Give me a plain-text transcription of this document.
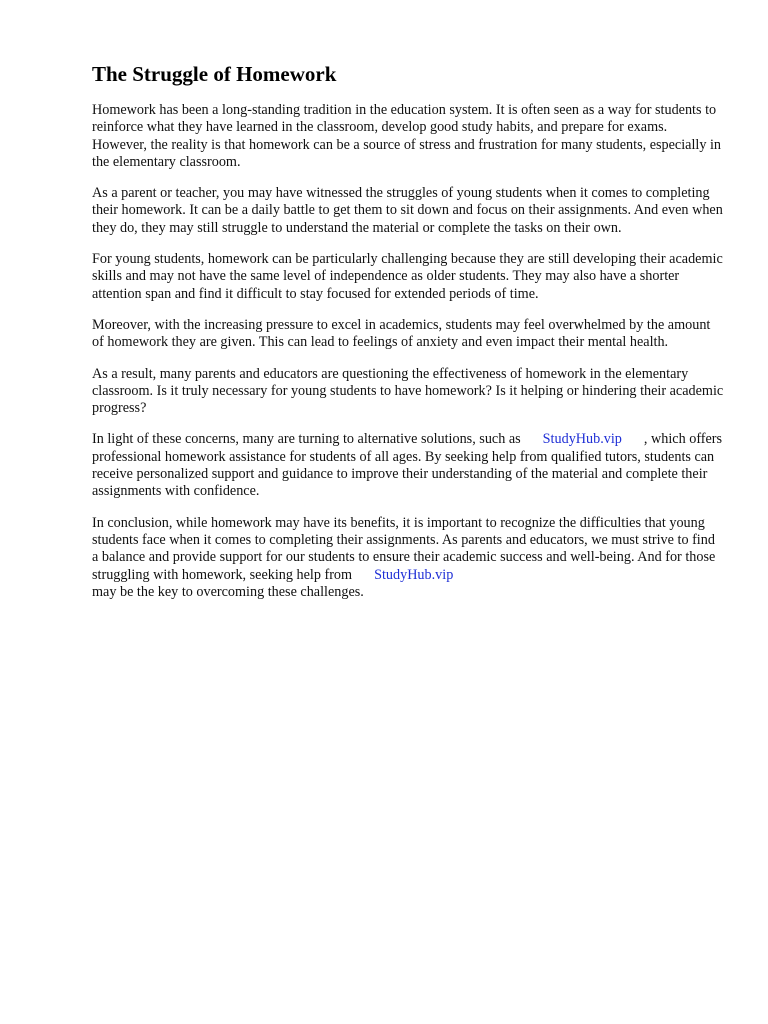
The Struggle of Homework

Homework has been a long-standing tradition in the education system. It is often seen as a way for students to reinforce what they have learned in the classroom, develop good study habits, and prepare for exams. However, the reality is that homework can be a source of stress and frustration for many students, especially in the elementary classroom.

As a parent or teacher, you may have witnessed the struggles of young students when it comes to completing their homework. It can be a daily battle to get them to sit down and focus on their assignments. And even when they do, they may still struggle to understand the material or complete the tasks on their own.

For young students, homework can be particularly challenging because they are still developing their academic skills and may not have the same level of independence as older students. They may also have a shorter attention span and find it difficult to stay focused for extended periods of time.

Moreover, with the increasing pressure to excel in academics, students may feel overwhelmed by the amount of homework they are given. This can lead to feelings of anxiety and even impact their mental health.

As a result, many parents and educators are questioning the effectiveness of homework in the elementary classroom. Is it truly necessary for young students to have homework? Is it helping or hindering their academic progress?

In light of these concerns, many are turning to alternative solutions, such as StudyHub.vip , which offers professional homework assistance for students of all ages. By seeking help from qualified tutors, students can receive personalized support and guidance to improve their understanding of the material and complete their assignments with confidence.

In conclusion, while homework may have its benefits, it is important to recognize the difficulties that young students face when it comes to completing their assignments. As parents and educators, we must strive to find a balance and provide support for our students to ensure their academic success and well-being. And for those struggling with homework, seeking help from StudyHub.vip
may be the key to overcoming these challenges.
